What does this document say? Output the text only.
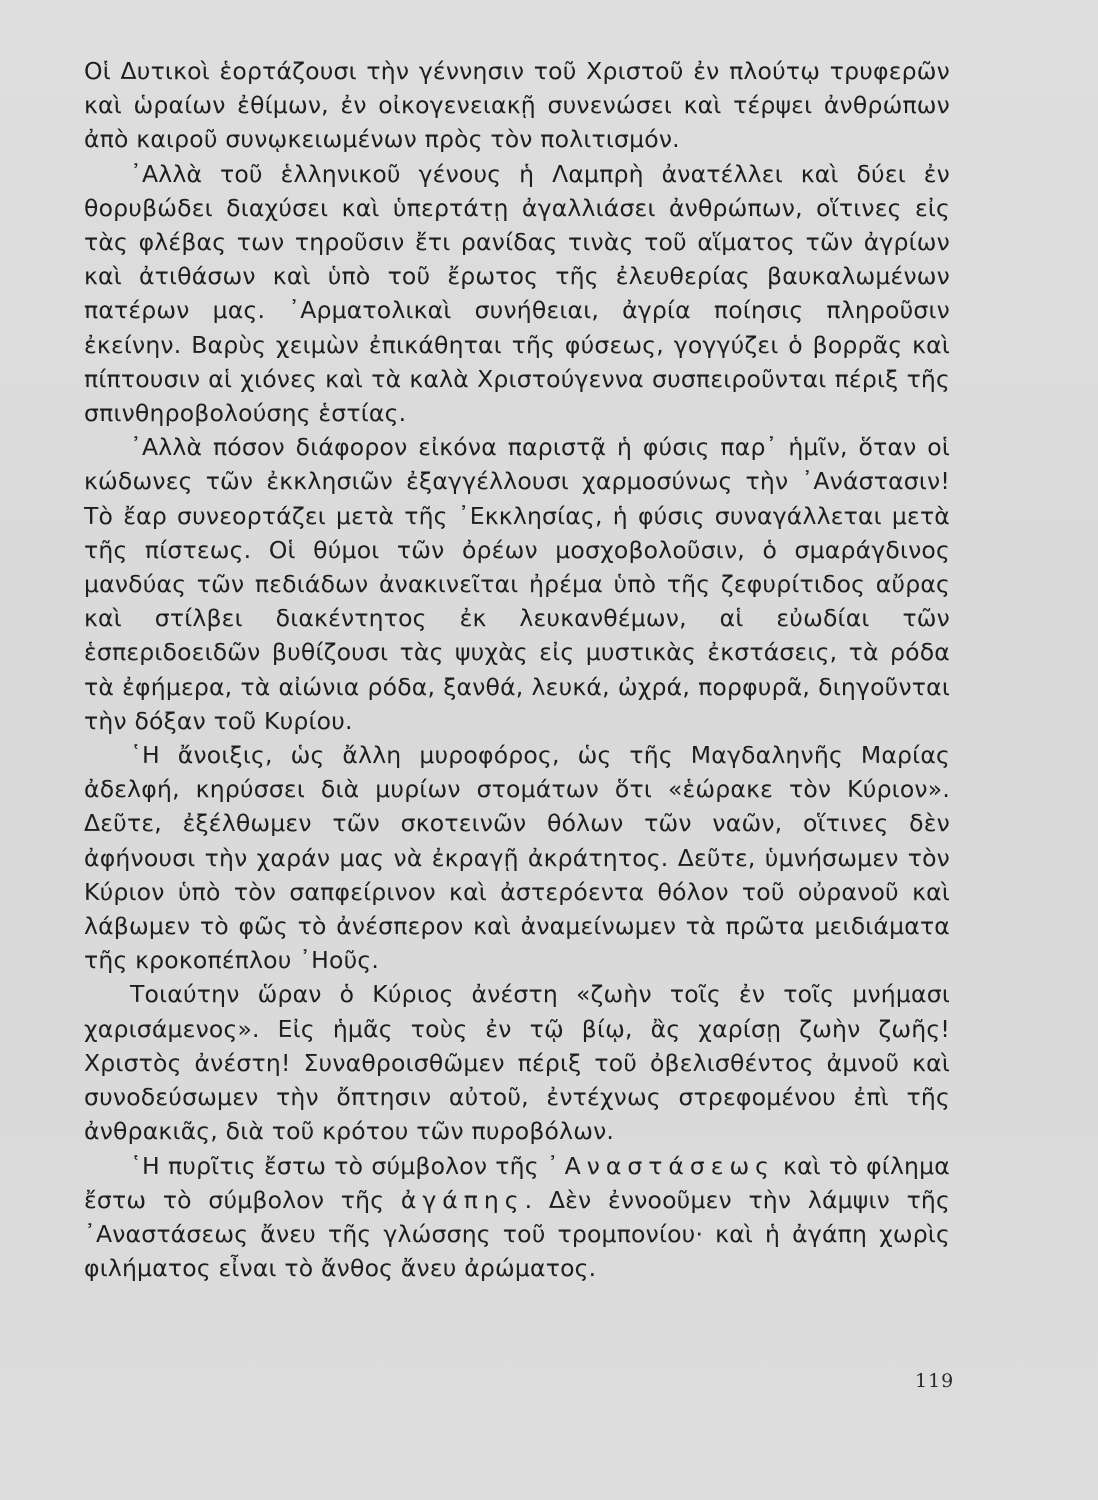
Οἱ Δυτικοὶ ἑορτάζουσι τὴν γέννησιν τοῦ Χριστοῦ ἐν πλούτῳ τρυφερῶν καὶ ὡραίων ἐθίμων, ἐν οἰκογενειακῇ συνενώσει καὶ τέρψει ἀνθρώπων ἀπὸ καιροῦ συνῳκειωμένων πρὸς τὸν πολιτισμόν.

᾿Αλλὰ τοῦ ἑλληνικοῦ γένους ἡ Λαμπρὴ ἀνατέλλει καὶ δύει ἐν θορυβώδει διαχύσει καὶ ὑπερτάτῃ ἀγαλλιάσει ἀνθρώπων, οἵτινες εἰς τὰς φλέβας των τηροῦσιν ἔτι ρανίδας τινὰς τοῦ αἵματος τῶν ἀγρίων καὶ ἀτιθάσων καὶ ὑπὸ τοῦ ἔρωτος τῆς ἐλευθερίας βαυκαλωμένων πατέρων μας. ᾿Αρματολικαὶ συνήθειαι, ἀγρία ποίησις πληροῦσιν ἐκείνην. Βαρὺς χειμὼν ἐπικάθηται τῆς φύσεως, γογγύζει ὁ βορρᾶς καὶ πίπτουσιν αἱ χιόνες καὶ τὰ καλὰ Χριστούγεννα συσπειροῦνται πέριξ τῆς σπινθηροβολούσης ἑστίας.

᾿Αλλὰ πόσον διάφορον εἰκόνα παριστᾷ ἡ φύσις παρ᾿ ἡμῖν, ὅταν οἱ κώδωνες τῶν ἐκκλησιῶν ἐξαγγέλλουσι χαρμοσύνως τὴν ᾿Ανάστασιν! Τὸ ἔαρ συνεορτάζει μετὰ τῆς ᾿Εκκλησίας, ἡ φύσις συναγάλλεται μετὰ τῆς πίστεως. Οἱ θύμοι τῶν ὀρέων μοσχοβολοῦσιν, ὁ σμαράγδινος μανδύας τῶν πεδιάδων ἀνακινεῖται ἠρέμα ὑπὸ τῆς ζεφυρίτιδος αὔρας καὶ στίλβει διακέντητος ἐκ λευκανθέμων, αἱ εὐωδίαι τῶν ἑσπεριδοειδῶν βυθίζουσι τὰς ψυχὰς εἰς μυστικὰς ἐκστάσεις, τὰ ρόδα τὰ ἐφήμερα, τὰ αἰώνια ρόδα, ξανθά, λευκά, ὠχρά, πορφυρᾶ, διηγοῦνται τὴν δόξαν τοῦ Κυρίου.

῾Η ἄνοιξις, ὡς ἄλλη μυροφόρος, ὡς τῆς Μαγδαληνῆς Μαρίας ἀδελφή, κηρύσσει διὰ μυρίων στομάτων ὅτι «ἑώρακε τὸν Κύριον». Δεῦτε, ἐξέλθωμεν τῶν σκοτεινῶν θόλων τῶν ναῶν, οἵτινες δὲν ἀφήνουσι τὴν χαράν μας νὰ ἐκραγῇ ἀκράτητος. Δεῦτε, ὑμνήσωμεν τὸν Κύριον ὑπὸ τὸν σαπφείρινον καὶ ἀστερόεντα θόλον τοῦ οὐρανοῦ καὶ λάβωμεν τὸ φῶς τὸ ἀνέσπερον καὶ ἀναμείνωμεν τὰ πρῶτα μειδιάματα τῆς κροκοπέπλου ᾿Ηοῦς.

Τοιαύτην ὥραν ὁ Κύριος ἀνέστη «ζωὴν τοῖς ἐν τοῖς μνήμασι χαρισάμενος». Εἰς ἡμᾶς τοὺς ἐν τῷ βίῳ, ἂς χαρίσῃ ζωὴν ζωῆς! Χριστὸς ἀνέστη! Συναθροισθῶμεν πέριξ τοῦ ὀβελισθέντος ἀμνοῦ καὶ συνοδεύσωμεν τὴν ὄπτησιν αὐτοῦ, ἐντέχνως στρεφομένου ἐπὶ τῆς ἀνθρακιᾶς, διὰ τοῦ κρότου τῶν πυροβόλων.

῾Η πυρῖτις ἔστω τὸ σύμβολον τῆς ᾿Αναστάσεως καὶ τὸ φίλημα ἔστω τὸ σύμβολον τῆς ἀγάπης. Δὲν ἐννοοῦμεν τὴν λάμψιν τῆς ᾿Αναστάσεως ἄνευ τῆς γλώσσης τοῦ τρομπονίου· καὶ ἡ ἀγάπη χωρὶς φιλήματος εἶναι τὸ ἄνθος ἄνευ ἀρώματος.

119
